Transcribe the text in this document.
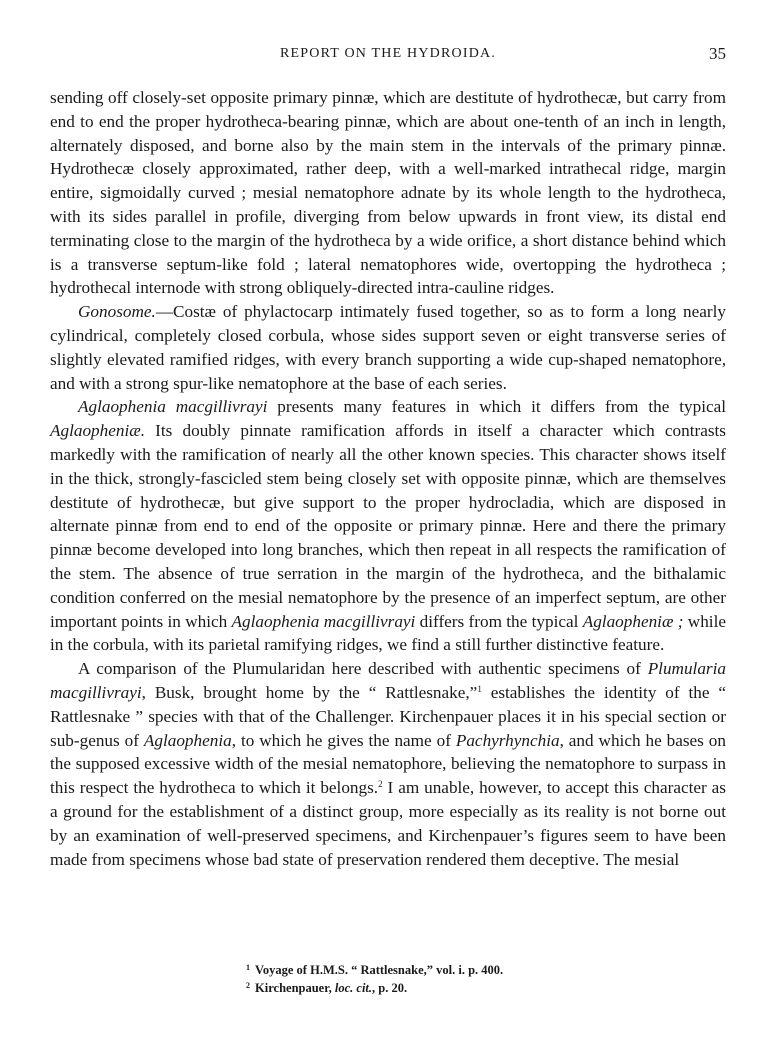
REPORT ON THE HYDROIDA.	35

sending off closely-set opposite primary pinnæ, which are destitute of hydrothecæ, but carry from end to end the proper hydrotheca-bearing pinnæ, which are about one-tenth of an inch in length, alternately disposed, and borne also by the main stem in the intervals of the primary pinnæ. Hydrothecæ closely approximated, rather deep, with a well-marked intrathecal ridge, margin entire, sigmoidally curved ; mesial nematophore adnate by its whole length to the hydrotheca, with its sides parallel in profile, diverging from below upwards in front view, its distal end terminating close to the margin of the hydrotheca by a wide orifice, a short distance behind which is a transverse septum-like fold ; lateral nematophores wide, overtopping the hydrotheca ; hydrothecal internode with strong obliquely-directed intra-cauline ridges.

Gonosome.—Costæ of phylactocarp intimately fused together, so as to form a long nearly cylindrical, completely closed corbula, whose sides support seven or eight transverse series of slightly elevated ramified ridges, with every branch supporting a wide cup-shaped nematophore, and with a strong spur-like nematophore at the base of each series.

Aglaophenia macgillivrayi presents many features in which it differs from the typical Aglaopheniæ. Its doubly pinnate ramification affords in itself a character which contrasts markedly with the ramification of nearly all the other known species. This character shows itself in the thick, strongly-fascicled stem being closely set with opposite pinnæ, which are themselves destitute of hydrothecæ, but give support to the proper hydrocladia, which are disposed in alternate pinnæ from end to end of the opposite or primary pinnæ. Here and there the primary pinnæ become developed into long branches, which then repeat in all respects the ramification of the stem. The absence of true serration in the margin of the hydrotheca, and the bithalamic condition conferred on the mesial nematophore by the presence of an imperfect septum, are other important points in which Aglaophenia macgillivrayi differs from the typical Aglaopheniæ ; while in the corbula, with its parietal ramifying ridges, we find a still further distinctive feature.

A comparison of the Plumularidan here described with authentic specimens of Plumularia macgillivrayi, Busk, brought home by the “ Rattlesnake,”$^1$ establishes the identity of the “ Rattlesnake ” species with that of the Challenger. Kirchenpauer places it in his special section or sub-genus of Aglaophenia, to which he gives the name of Pachyrhynchia, and which he bases on the supposed excessive width of the mesial nematophore, believing the nematophore to surpass in this respect the hydrotheca to which it belongs.$^2$ I am unable, however, to accept this character as a ground for the establishment of a distinct group, more especially as its reality is not borne out by an examination of well-preserved specimens, and Kirchenpauer’s figures seem to have been made from specimens whose bad state of preservation rendered them deceptive. The mesial

$^1$ Voyage of H.M.S. “ Rattlesnake,” vol. i. p. 400.
$^2$ Kirchenpauer, loc. cit., p. 20.
